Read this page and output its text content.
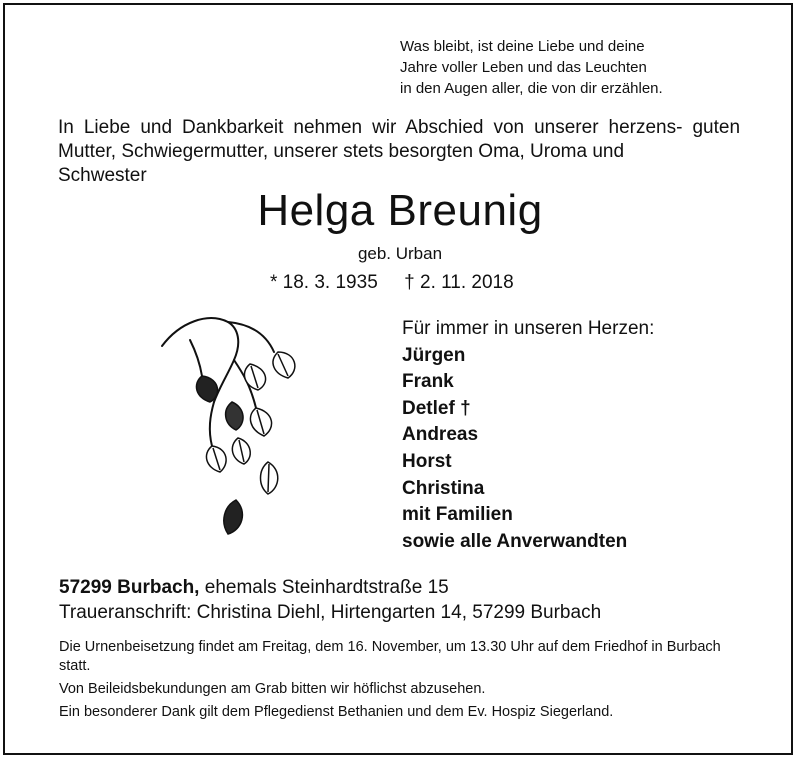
Was bleibt, ist deine Liebe und deine
Jahre voller Leben und das Leuchten
in den Augen aller, die von dir erzählen.
In Liebe und Dankbarkeit nehmen wir Abschied von unserer herzens- guten Mutter, Schwiegermutter, unserer stets besorgten Oma, Uroma und
Schwester
Helga Breunig
geb. Urban
* 18. 3. 1935     † 2. 11. 2018
Für immer in unseren Herzen:
Jürgen
Frank
Detlef †
Andreas
Horst
Christina
mit Familien
sowie alle Anverwandten
57299 Burbach, ehemals Steinhardtstraße 15
Traueranschrift: Christina Diehl, Hirtengarten 14, 57299 Burbach

Die Urnenbeisetzung findet am Freitag, dem 16. November, um 13.30 Uhr auf dem Friedhof in Burbach statt.

Von Beileidsbekundungen am Grab bitten wir höflichst abzusehen.

Ein besonderer Dank gilt dem Pflegedienst Bethanien und dem Ev. Hospiz Siegerland.
